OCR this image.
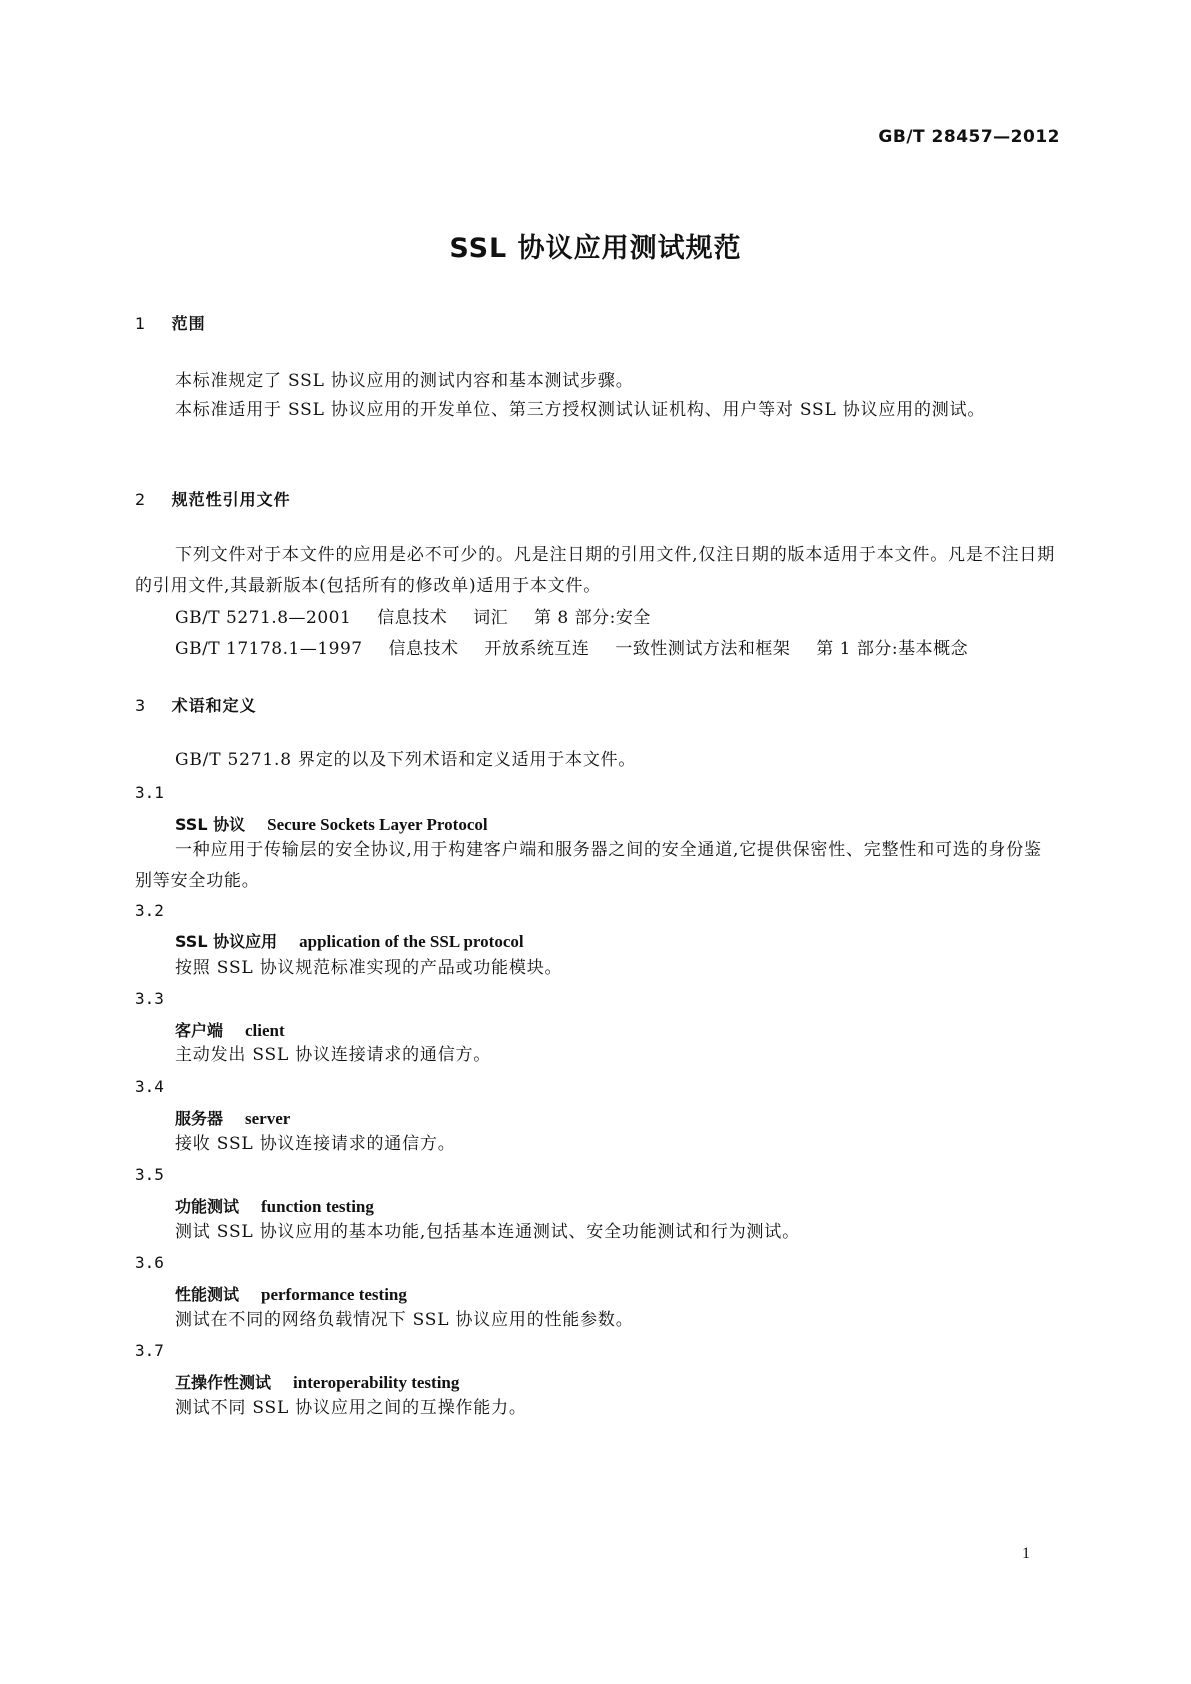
GB/T 28457—2012
SSL 协议应用测试规范
1 范围
本标准规定了 SSL 协议应用的测试内容和基本测试步骤。
本标准适用于 SSL 协议应用的开发单位、第三方授权测试认证机构、用户等对 SSL 协议应用的测试。
2 规范性引用文件
下列文件对于本文件的应用是必不可少的。凡是注日期的引用文件,仅注日期的版本适用于本文件。凡是不注日期的引用文件,其最新版本(包括所有的修改单)适用于本文件。
GB/T 5271.8—2001 信息技术 词汇 第 8 部分:安全
GB/T 17178.1—1997 信息技术 开放系统互连 一致性测试方法和框架 第 1 部分:基本概念
3 术语和定义
GB/T 5271.8 界定的以及下列术语和定义适用于本文件。
3.1
SSL 协议 Secure Sockets Layer Protocol
一种应用于传输层的安全协议,用于构建客户端和服务器之间的安全通道,它提供保密性、完整性和可选的身份鉴别等安全功能。
3.2
SSL 协议应用 application of the SSL protocol
按照 SSL 协议规范标准实现的产品或功能模块。
3.3
客户端 client
主动发出 SSL 协议连接请求的通信方。
3.4
服务器 server
接收 SSL 协议连接请求的通信方。
3.5
功能测试 function testing
测试 SSL 协议应用的基本功能,包括基本连通测试、安全功能测试和行为测试。
3.6
性能测试 performance testing
测试在不同的网络负载情况下 SSL 协议应用的性能参数。
3.7
互操作性测试 interoperability testing
测试不同 SSL 协议应用之间的互操作能力。
1
